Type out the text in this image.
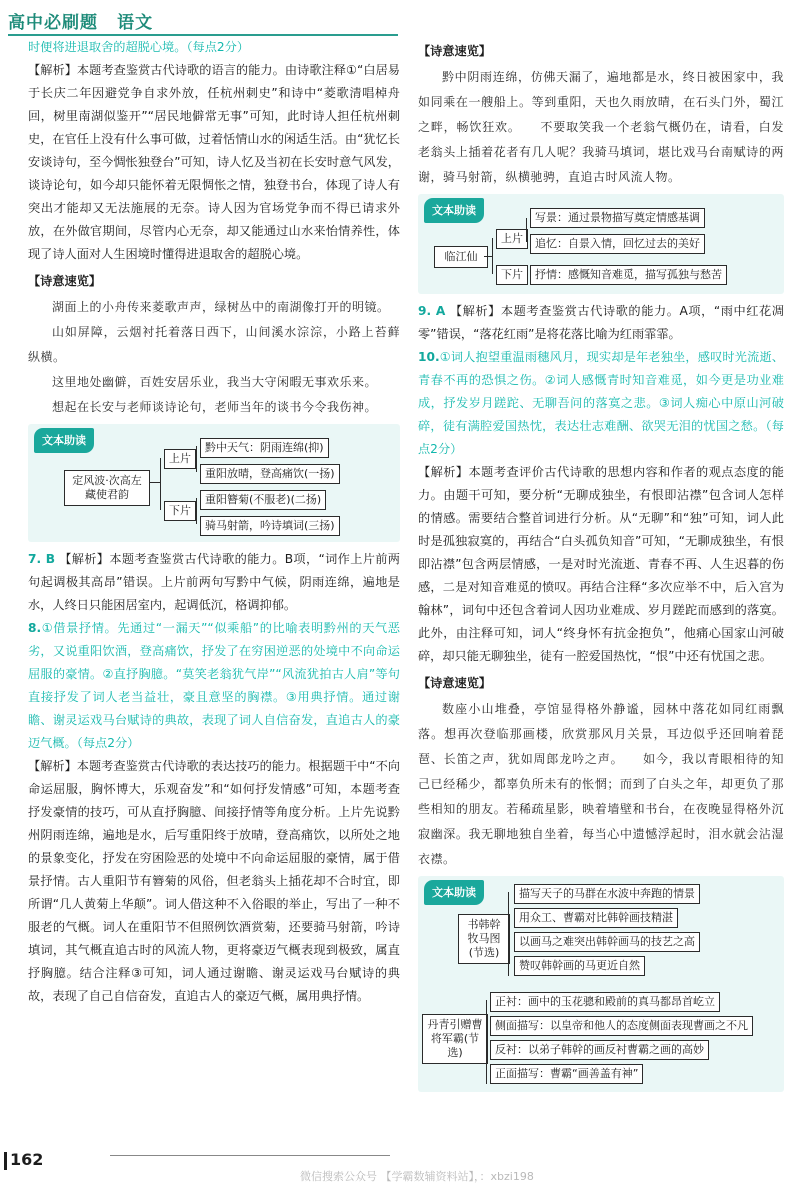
高中必刷题 语文

时便将进退取舍的超脱心境。（每点2分）

【解析】本题考查鉴赏古代诗歌的语言的能力。由诗歌注释①“白居易于长庆二年因避党争自求外放，任杭州刺史”和诗中“菱歌清唱棹舟回，树里南湖似鉴开”“居民地僻常无事”可知，此时诗人担任杭州刺史，在官任上没有什么事可做，过着恬情山水的闲适生活。由“犹忆长安谈诗句，至今惆怅独登台”可知，诗人忆及当初在长安时意气风发，谈诗论句，如今却只能怀着无限惆怅之情，独登书台，体现了诗人有突出才能却又无法施展的无奈。诗人因为官场党争而不得已请求外放，在外做官期间，尽管内心无奈，却又能通过山水来怡情养性，体现了诗人面对人生困境时懂得进退取舍的超脱心境。

【诗意速览】

湖面上的小舟传来菱歌声声，绿树丛中的南湖像打开的明镜。

山如屏障，云烟衬托着落日西下，山间溪水淙淙，小路上苔藓纵横。

这里地处幽僻，百姓安居乐业，我当大守闲暇无事欢乐来。

想起在长安与老师谈诗论句，老师当年的谈书今令我伤神。

文本助读
定风波·次高左藏使君韵
上片
下片
黔中天气：阴雨连绵(抑)
重阳放晴，登高痛饮(一扬)
重阳簪菊(不服老)(二扬)
骑马射箭，吟诗填词(三扬)

7. B 【解析】本题考查鉴赏古代诗歌的能力。B项，“词作上片前两句起调极其高昂”错误。上片前两句写黔中气候，阴雨连绵，遍地是水，人终日只能困居室内，起调低沉，格调抑郁。

8.①借景抒情。先通过“一漏天”“似乘船”的比喻表明黔州的天气恶劣，又说重阳饮酒，登高痛饮，抒发了在穷困逆恶的处境中不向命运屈服的豪情。②直抒胸臆。“莫笑老翁犹气岸”“风流犹拍古人肩”等句直接抒发了词人老当益壮，豪且意坚的胸襟。③用典抒情。通过谢瞻、谢灵运戏马台赋诗的典故，表现了词人自信奋发，直追古人的豪迈气概。（每点2分）

【解析】本题考查鉴赏古代诗歌的表达技巧的能力。根据题干中“不向命运屈服，胸怀博大，乐观奋发”和“如何抒发情感”可知，本题考查抒发豪情的技巧，可从直抒胸臆、间接抒情等角度分析。上片先说黔州阴雨连绵，遍地是水，后写重阳终于放晴，登高痛饮，以所处之地的景象变化，抒发在穷困险恶的处境中不向命运屈服的豪情，属于借景抒情。古人重阳节有簪菊的风俗，但老翁头上插花却不合时宜，即所谓“几人黄菊上华颠”。词人借这种不入俗眼的举止，写出了一种不服老的气概。词人在重阳节不但照例饮酒赏菊，还要骑马射箭，吟诗填词，其气概直追古时的风流人物，更将豪迈气概表现到极致，属直抒胸臆。结合注释③可知，词人通过谢瞻、谢灵运戏马台赋诗的典故，表现了自己自信奋发，直追古人的豪迈气概，属用典抒情。

【诗意速览】

黔中阴雨连绵，仿佛天漏了，遍地都是水，终日被困家中，我如同乘在一艘船上。等到重阳，天也久雨放晴，在石头门外，蜀江之畔，畅饮狂欢。　　不要取笑我一个老翁气概仍在，请看，白发老翁头上插着花者有几人呢？我骑马填词，堪比戏马台南赋诗的两谢，骑马射箭，纵横驰骋，直追古时风流人物。

文本助读
临江仙
上片
下片
写景：通过景物描写奠定情感基调
追忆：自景入情，回忆过去的美好
抒情：感慨知音难觅，描写孤独与愁苦

9. A 【解析】本题考查鉴赏古代诗歌的能力。A项，“雨中红花凋零”错误，“落花红雨”是将花落比喻为红雨霏霏。

10.①词人抱望重温雨穗风月，现实却是年老独坐，感叹时光流逝、青春不再的恐惧之伤。②词人感慨青时知音难觅，如今更是功业难成，抒发岁月蹉跎、无聊吾问的落寞之悲。③词人痴心中原山河破碎，徒有满腔爱国热忱，表达壮志难酬、欲哭无泪的忧国之愁。（每点2分）

【解析】本题考查评价古代诗歌的思想内容和作者的观点态度的能力。由题干可知，要分析“无聊成独坐，有恨即沾襟”包含词人怎样的情感。需要结合整首词进行分析。从“无聊”和“独”可知，词人此时是孤独寂寞的，再结合“白头孤负知音”可知，“无聊成独坐，有恨即沾襟”包含两层情感，一是对时光流逝、青春不再、人生迟暮的伤感，二是对知音难觅的愤叹。再结合注释“多次应举不中，后入宫为翰林”，词句中还包含着词人因功业难成、岁月蹉跎而感到的落寞。此外，由注释可知，词人“终身怀有抗金抱负”，他痛心国家山河破碎，却只能无聊独坐，徒有一腔爱国热忱，“恨”中还有忧国之悲。

【诗意速览】

数座小山堆叠，亭馆显得格外静谧，园林中落花如同红雨飘落。想再次登临那画楼，欣赏那风月关景，耳边似乎还回响着琵琶、长笛之声，犹如周郎龙吟之声。　　如今，我以青眼相待的知己已经稀少，都辜负所未有的怅惘；而到了白头之年，却更负了那些相知的朋友。若稀疏星影，映着墙壁和书台，在夜晚显得格外沉寂幽深。我无聊地独自坐着，每当心中遗憾浮起时，泪水就会沾湿衣襟。

文本助读
书韩幹牧马图(节选)
描写天子的马群在水波中奔跑的情景
用众工、曹霸对比韩幹画技精湛
以画马之难突出韩幹画马的技艺之高
赞叹韩幹画的马更近自然
丹青引赠曹将军霸(节选)
正衬：画中的玉花骢和殿前的真马都昂首屹立
侧面描写：以皇帝和他人的态度侧面表现曹画之不凡
反衬：以弟子韩幹的画反衬曹霸之画的高妙
正面描写：曹霸“画善盖有神”
162
微信搜索公众号 【学霸数辅资料站】，：xbzi198
